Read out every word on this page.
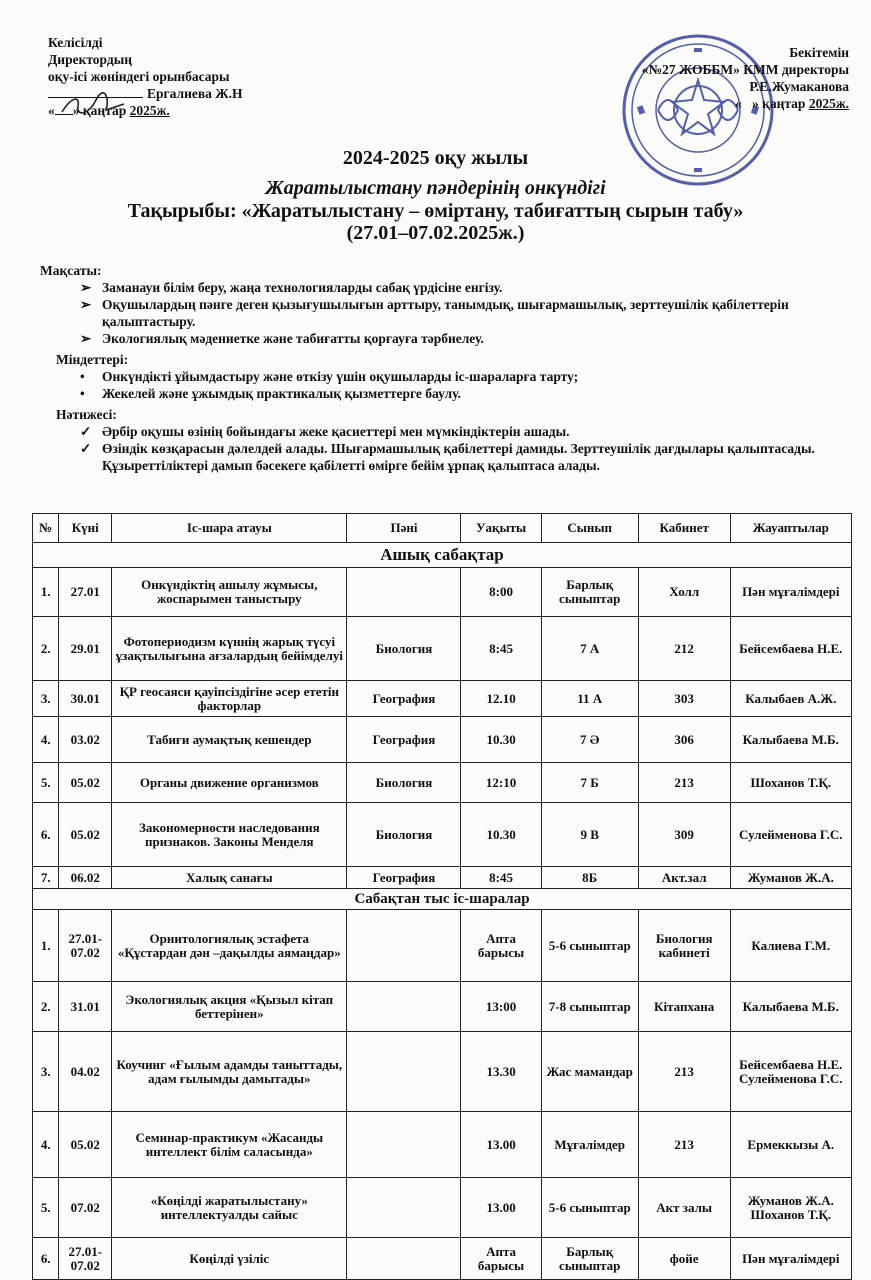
Келісілді
Директордың
оқу-ісі жөніндегі орынбасары
Ергалиева Ж.Н
« » қаңтар 2025ж.
Бекітемін
«№27 ЖОББМ» КММ директоры
Р.Е.Жумаканова
« » қаңтар 2025ж.
2024-2025 оқу жылы
Жаратылыстану пәндерінің онкүндігі
Тақырыбы: «Жаратылыстану – өміртану, табиғаттың сырын табу»
(27.01–07.02.2025ж.)

Мақсаты:

➢ Заманауи білім беру, жаңа технологияларды сабақ үрдісіне енгізу.
➢ Оқушылардың пәнге деген қызығушылығын арттыру, танымдық, шығармашылық, зерттеушілік қабілеттерін қалыптастыру.
➢ Экологиялық мәдениетке және табиғатты қорғауға тәрбиелеу.

Міндеттері:

• Онкүндікті ұйымдастыру және өткізу үшін оқушыларды іс-шараларға тарту;
• Жекелей және ұжымдық практикалық қызметтерге баулу.

Нәтижесі:

✓ Әрбір оқушы өзінің бойындағы жеке қасиеттері мен мүмкіндіктерін ашады.
✓ Өзіндік көзқарасын дәлелдей алады. Шығармашылық қабілеттері дамиды. Зерттеушілік дағдылары қалыптасады. Құзыреттіліктері дамып бәсекеге қабілетті өмірге бейім ұрпақ қалыптаса алады.
№	Күні	Іс-шара атауы	Пәні	Уақыты	Сынып	Кабинет	Жауаптылар
Ашық сабақтар							
1.	27.01	Онкүндіктің ашылу жұмысы, жоспарымен таныстыру		8:00	Барлық сыныптар	Холл	Пән мұғалімдері
2.	29.01	Фотопериодизм күннің жарық түсуі ұзақтылығына ағзалардың бейімделуі	Биология	8:45	7 А	212	Бейсембаева Н.Е.
3.	30.01	ҚР геосаяси қауіпсіздігіне әсер ететін факторлар	География	12.10	11 А	303	Калыбаев А.Ж.
4.	03.02	Табиғи аумақтық кешендер	География	10.30	7 Ә	306	Калыбаева М.Б.
5.	05.02	Органы движение организмов	Биология	12:10	7 Б	213	Шоханов Т.Қ.
6.	05.02	Закономерности наследования признаков. Законы Менделя	Биология	10.30	9 В	309	Сулейменова Г.С.
7.	06.02	Халық санағы	География	8:45	8Б	Акт.зал	Жуманов Ж.А.
Сабақтан тыс іс-шаралар							
1.	27.01-07.02	Орнитологиялық эстафета «Құстардан дән –дақылды аямаңдар»		Апта барысы	5-6 сыныптар	Биология кабинеті	Калиева Г.М.
2.	31.01	Экологиялық акция «Қызыл кітап беттерінен»		13:00	7-8 сыныптар	Кітапхана	Калыбаева М.Б.
3.	04.02	Коучинг «Ғылым адамды таныттады, адам ғылымды дамытады»		13.30	Жас мамандар	213	Бейсембаева Н.Е. Сулейменова Г.С.
4.	05.02	Семинар-практикум «Жасанды интеллект білім саласында»		13.00	Мұғалімдер	213	Ермеккызы А.
5.	07.02	«Көңілді жаратылыстану» интеллектуалды сайыс		13.00	5-6 сыныптар	Акт залы	Жуманов Ж.А. Шоханов Т.Қ.
6.	27.01-07.02	Көңілді үзіліс		Апта барысы	Барлық сыныптар	фойе	Пән мұғалімдері
